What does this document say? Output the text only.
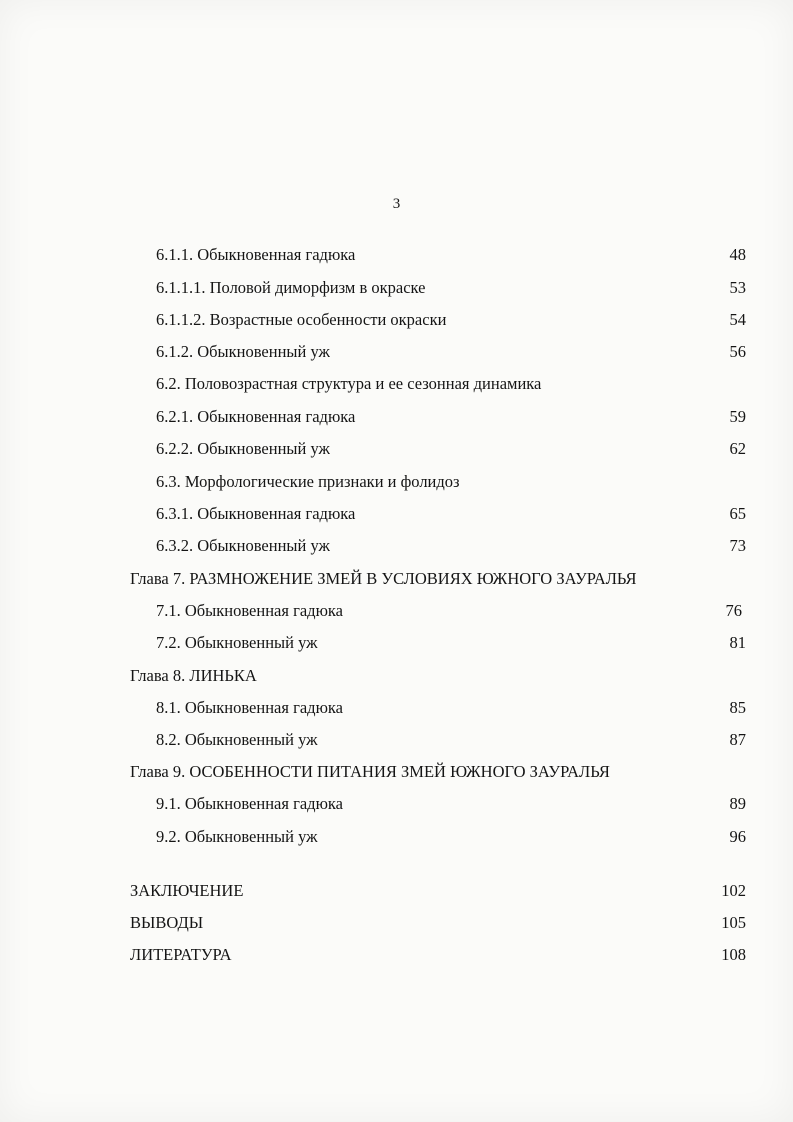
3
6.1.1. Обыкновенная гадюка	48
6.1.1.1. Половой диморфизм в окраске	53
6.1.1.2. Возрастные особенности окраски	54
6.1.2. Обыкновенный уж	56
6.2. Половозрастная структура и ее сезонная динамика
6.2.1. Обыкновенная гадюка	59
6.2.2. Обыкновенный уж	62
6.3. Морфологические признаки и фолидоз
6.3.1. Обыкновенная гадюка	65
6.3.2. Обыкновенный уж	73
Глава 7. РАЗМНОЖЕНИЕ ЗМЕЙ В УСЛОВИЯХ ЮЖНОГО ЗАУРАЛЬЯ
7.1. Обыкновенная гадюка	76
7.2. Обыкновенный уж	81
Глава 8. ЛИНЬКА
8.1. Обыкновенная гадюка	85
8.2. Обыкновенный уж	87
Глава 9. ОСОБЕННОСТИ ПИТАНИЯ ЗМЕЙ ЮЖНОГО ЗАУРАЛЬЯ
9.1. Обыкновенная гадюка	89
9.2. Обыкновенный уж	96
ЗАКЛЮЧЕНИЕ	102
ВЫВОДЫ	105
ЛИТЕРАТУРА	108
